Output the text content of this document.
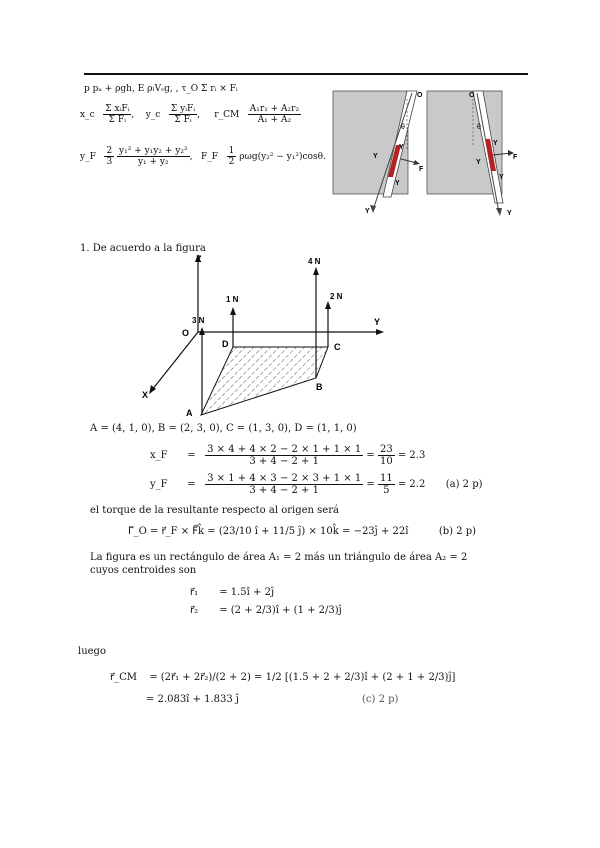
p pₐ + ρgh, E ρₗVₛg, , τ_O Σ rᵢ × Fᵢ
x_c $\frac{\text{Σ xᵢFᵢ}}{\text{Σ Fᵢ}}$ ,    y_c $\frac{\text{Σ yᵢFᵢ}}{\text{Σ Fᵢ}}$ ,     r_CM $\frac{\text{A₁r₁ + A₂r₂}}{\text{A₁ + A₂}}$
y_F $\frac{2}{3}$
$\frac{\text{y₁² + y₁y₂ + y₂²}}{\text{y₁ + y₂}}$ ,   F_F $\frac{1}{2} \rho\omega g(y_2^2 - y_1^2)\cos\theta$.
O
θ
Y
Y
F
Y
Y
O
θ
Y
Y
F
Y
Y
1. De acuerdo a la figura
Z
Y
X
O
4 N
1 N	2 N
3 N
A
B
C
D
A = (4, 1, 0), B = (2, 3, 0), C = (1, 3, 0), D = (1, 1, 0)
x_F = $\frac{3 \times 4 + 4 \times 2 - 2 \times 1 + 1 \times 1}{3 + 4 - 2 + 1} = \frac{23}{10} = 2.3$
y_F = $\frac{3 \times 1 + 4 \times 3 - 2 \times 3 + 1 \times 1}{3 + 4 - 2 + 1} = \frac{11}{5} = 2.2$ (a) 2 p)
el torque de la resultante respecto al origen será
Γ⃗_O = r⃗_F × F⃗k̂ = (23/10 î + 11/5 ĵ) × 10k̂ = −23ĵ + 22î	(b) 2 p)
La figura es un rectángulo de área A₁ = 2 más un triángulo de área A₂ = 2
cuyos centroides son
r⃗₁ = 1.5î + 2ĵ
r⃗₂ = (2 + 2/3)î + (1 + 2/3)ĵ
luego
r⃗_CM = (2r⃗₁ + 2r⃗₂)/(2 + 2) = 1/2 [(1.5 + 2 + 2/3)î + (2 + 1 + 2/3)ĵ]
= 2.083î + 1.833 ĵ	(c) 2 p)
